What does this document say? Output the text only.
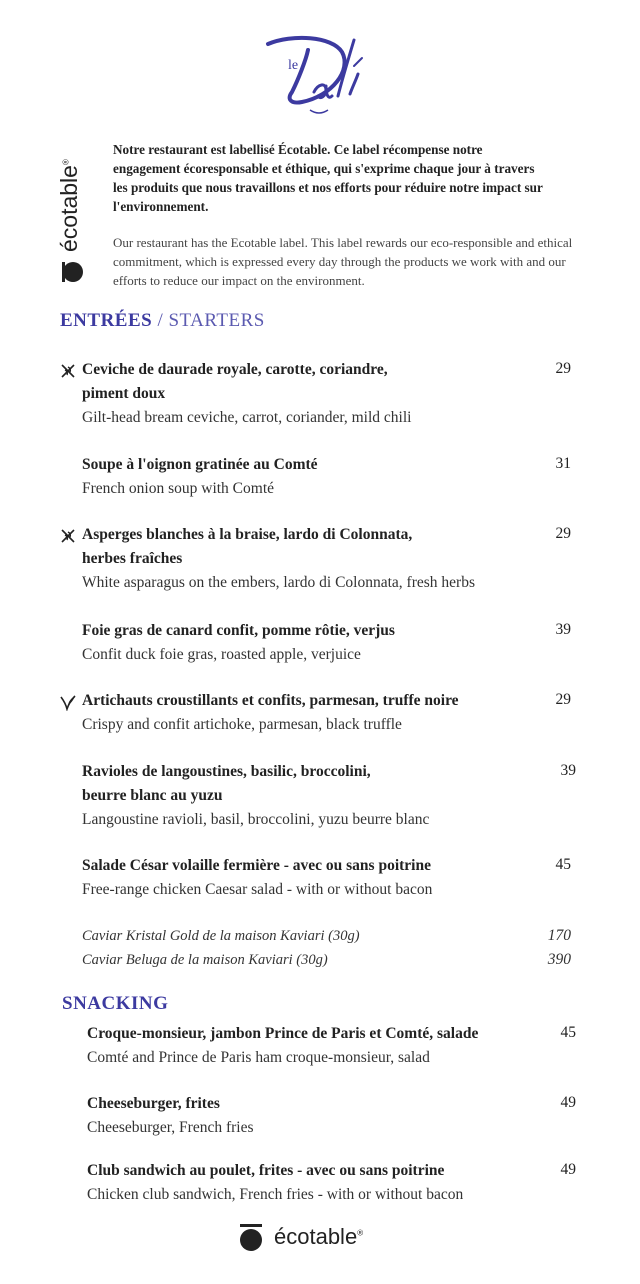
le
écotable®
Notre restaurant est labellisé Écotable. Ce label récompense notre engagement écoresponsable et éthique, qui s'exprime chaque jour à travers les produits que nous travaillons et nos efforts pour réduire notre impact sur l'environnement.
Our restaurant has the Ecotable label. This label rewards our eco-responsible and ethical commitment, which is expressed every day through the products we work with and our efforts to reduce our impact on the environment.
ENTRÉES / STARTERS
Ceviche de daurade royale, carotte, coriandre,
piment doux
Gilt-head bream ceviche, carrot, coriander, mild chili
29
Soupe à l'oignon gratinée au Comté
French onion soup with Comté
31
Asperges blanches à la braise, lardo di Colonnata,
herbes fraîches
White asparagus on the embers, lardo di Colonnata, fresh herbs
29
Foie gras de canard confit, pomme rôtie, verjus
Confit duck foie gras, roasted apple, verjuice
39
Artichauts croustillants et confits, parmesan, truffe noire
Crispy and confit artichoke, parmesan, black truffle
29
Ravioles de langoustines, basilic, broccolini,
beurre blanc au yuzu
Langoustine ravioli, basil, broccolini, yuzu beurre blanc
39
Salade César volaille fermière - avec ou sans poitrine
Free-range chicken Caesar salad - with or without bacon
45
Caviar Kristal Gold de la maison Kaviari (30g)	170
Caviar Beluga de la maison Kaviari (30g)	390
SNACKING
Croque-monsieur, jambon Prince de Paris et Comté, salade
Comté and Prince de Paris ham croque-monsieur, salad
45
Cheeseburger, frites
Cheeseburger, French fries
49
Club sandwich au poulet, frites - avec ou sans poitrine
Chicken club sandwich, French fries - with or without bacon
49
écotable®
